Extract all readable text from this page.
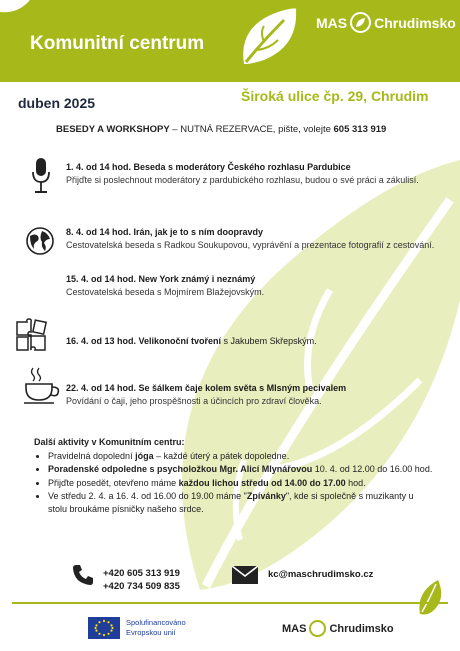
Komunitní centrum
MAS Chrudimsko
duben 2025	Široká ulice čp. 29, Chrudim
BESEDY A WORKSHOPY – NUTNÁ REZERVACE, pište, volejte 605 313 919
1. 4. od 14 hod. Beseda s moderátory Českého rozhlasu Pardubice
Přijďte si poslechnout moderátory z pardubického rozhlasu, budou o své práci a zákulisí.
8. 4. od 14 hod. Irán, jak je to s ním doopravdy
Cestovatelská beseda s Radkou Soukupovou, vyprávění a prezentace fotografií z cestování.
15. 4. od 14 hod. New York známý i neznámý
Cestovatelská beseda s Mojmírem Blažejovským.
16. 4. od 13 hod. Velikonoční tvoření s Jakubem Skřepským.
22. 4. od 14 hod. Se šálkem čaje kolem světa s Mlsným pecivalem
Povídání o čaji, jeho prospěšnosti a účincích pro zdraví člověka.
Další aktivity v Komunitním centru:
• Pravidelná dopolední jóga – každé úterý a pátek dopoledne.
• Poradenské odpoledne s psycholožkou Mgr. Alicí Mlynářovou 10. 4. od 12.00 do 16.00 hod.
• Přijďte posedět, otevřeno máme každou lichou středu od 14.00 do 17.00 hod.
• Ve středu 2. 4. a 16. 4. od 16.00 do 19.00 máme "Zpívánky", kde si společně s muzikanty u stolu broukáme písničky našeho srdce.
+420 605 313 919
+420 734 509 835
kc@maschrudimsko.cz
Spolufinancováno
Evropskou unií	MAS Chrudimsko
